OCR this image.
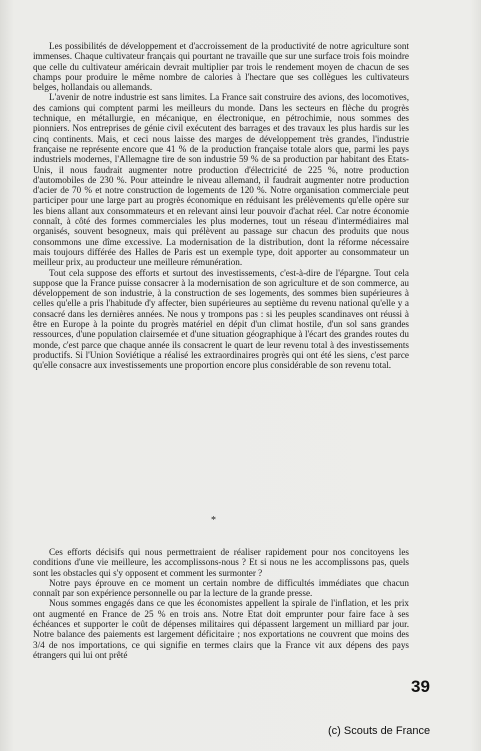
Les possibilités de développement et d'accroissement de la productivité de notre agriculture sont immenses. Chaque cultivateur français qui pourtant ne travaille que sur une surface trois fois moindre que celle du cultivateur américain devrait multiplier par trois le rendement moyen de chacun de ses champs pour produire le même nombre de calories à l'hectare que ses collègues les cultivateurs belges, hollandais ou allemands.

L'avenir de notre industrie est sans limites. La France sait construire des avions, des locomotives, des camions qui comptent parmi les meilleurs du monde. Dans les secteurs en flèche du progrès technique, en métallurgie, en mécanique, en électronique, en pétrochimie, nous sommes des pionniers. Nos entreprises de génie civil exécutent des barrages et des travaux les plus hardis sur les cinq continents. Mais, et ceci nous laisse des marges de développement très grandes, l'industrie française ne représente encore que 41 % de la production française totale alors que, parmi les pays industriels modernes, l'Allemagne tire de son industrie 59 % de sa production par habitant des Etats-Unis, il nous faudrait augmenter notre production d'électricité de 225 %, notre production d'automobiles de 230 %. Pour atteindre le niveau allemand, il faudrait augmenter notre production d'acier de 70 % et notre construction de logements de 120 %. Notre organisation commerciale peut participer pour une large part au progrès économique en réduisant les prélèvements qu'elle opère sur les biens allant aux consommateurs et en relevant ainsi leur pouvoir d'achat réel. Car notre économie connaît, à côté des formes commerciales les plus modernes, tout un réseau d'intermédiaires mal organisés, souvent besogneux, mais qui prélèvent au passage sur chacun des produits que nous consommons une dîme excessive. La modernisation de la distribution, dont la réforme nécessaire mais toujours différée des Halles de Paris est un exemple type, doit apporter au consommateur un meilleur prix, au producteur une meilleure rémunération.

Tout cela suppose des efforts et surtout des investissements, c'est-à-dire de l'épargne. Tout cela suppose que la France puisse consacrer à la modernisation de son agriculture et de son commerce, au développement de son industrie, à la construction de ses logements, des sommes bien supérieures à celles qu'elle a pris l'habitude d'y affecter, bien supérieures au septième du revenu national qu'elle y a consacré dans les dernières années. Ne nous y trompons pas : si les peuples scandinaves ont réussi à être en Europe à la pointe du progrès matériel en dépit d'un climat hostile, d'un sol sans grandes ressources, d'une population clairsemée et d'une situation géographique à l'écart des grandes routes du monde, c'est parce que chaque année ils consacrent le quart de leur revenu total à des investissements productifs. Si l'Union Soviétique a réalisé les extraordinaires progrès qui ont été les siens, c'est parce qu'elle consacre aux investissements une proportion encore plus considérable de son revenu total.

*

Ces efforts décisifs qui nous permettraient de réaliser rapidement pour nos concitoyens les conditions d'une vie meilleure, les accomplissons-nous ? Et si nous ne les accomplissons pas, quels sont les obstacles qui s'y opposent et comment les surmonter ?

Notre pays éprouve en ce moment un certain nombre de difficultés immédiates que chacun connaît par son expérience personnelle ou par la lecture de la grande presse.

Nous sommes engagés dans ce que les économistes appellent la spirale de l'inflation, et les prix ont augmenté en France de 25 % en trois ans. Notre Etat doit emprunter pour faire face à ses échéances et supporter le coût de dépenses militaires qui dépassent largement un milliard par jour. Notre balance des paiements est largement déficitaire ; nos exportations ne couvrent que moins des 3/4 de nos importations, ce qui signifie en termes clairs que la France vit aux dépens des pays étrangers qui lui ont prêté

39
(c) Scouts de France
